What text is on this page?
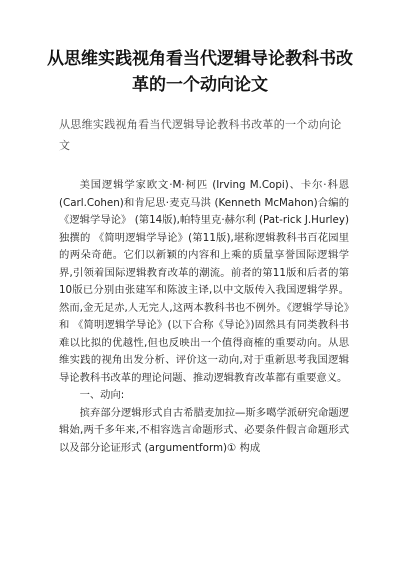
从思维实践视角看当代逻辑导论教科书改革的一个动向论文

从思维实践视角看当代逻辑导论教科书改革的一个动向论文

美国逻辑学家欧文·M·柯匹 (Irving M.Copi)、卡尔·科恩 (Carl.Cohen)和肯尼思·麦克马洪 (Kenneth McMahon)合编的 《逻辑学导论》 (第14版),帕特里克·赫尔利 (Pat-rick J.Hurley)独撰的 《简明逻辑学导论》(第11版),堪称逻辑教科书百花园里的两朵奇葩。它们以新颖的内容和上乘的质量享誉国际逻辑学界,引领着国际逻辑教育改革的潮流。前者的第11版和后者的第10版已分别由张建军和陈波主译,以中文版传入我国逻辑学界。然而,金无足赤,人无完人,这两本教科书也不例外。《逻辑学导论》和 《简明逻辑学导论》(以下合称《导论》)固然具有同类教科书难以比拟的优越性,但也反映出一个值得商榷的重要动向。从思维实践的视角出发分析、评价这一动向,对于重新思考我国逻辑导论教科书改革的理论问题、推动逻辑教育改革都有重要意义。

一、动向:

摈弃部分逻辑形式自古希腊麦加拉—斯多噶学派研究命题逻辑始,两千多年来,不相容选言命题形式、必要条件假言命题形式以及部分论证形式 (argumentform)① 构成
